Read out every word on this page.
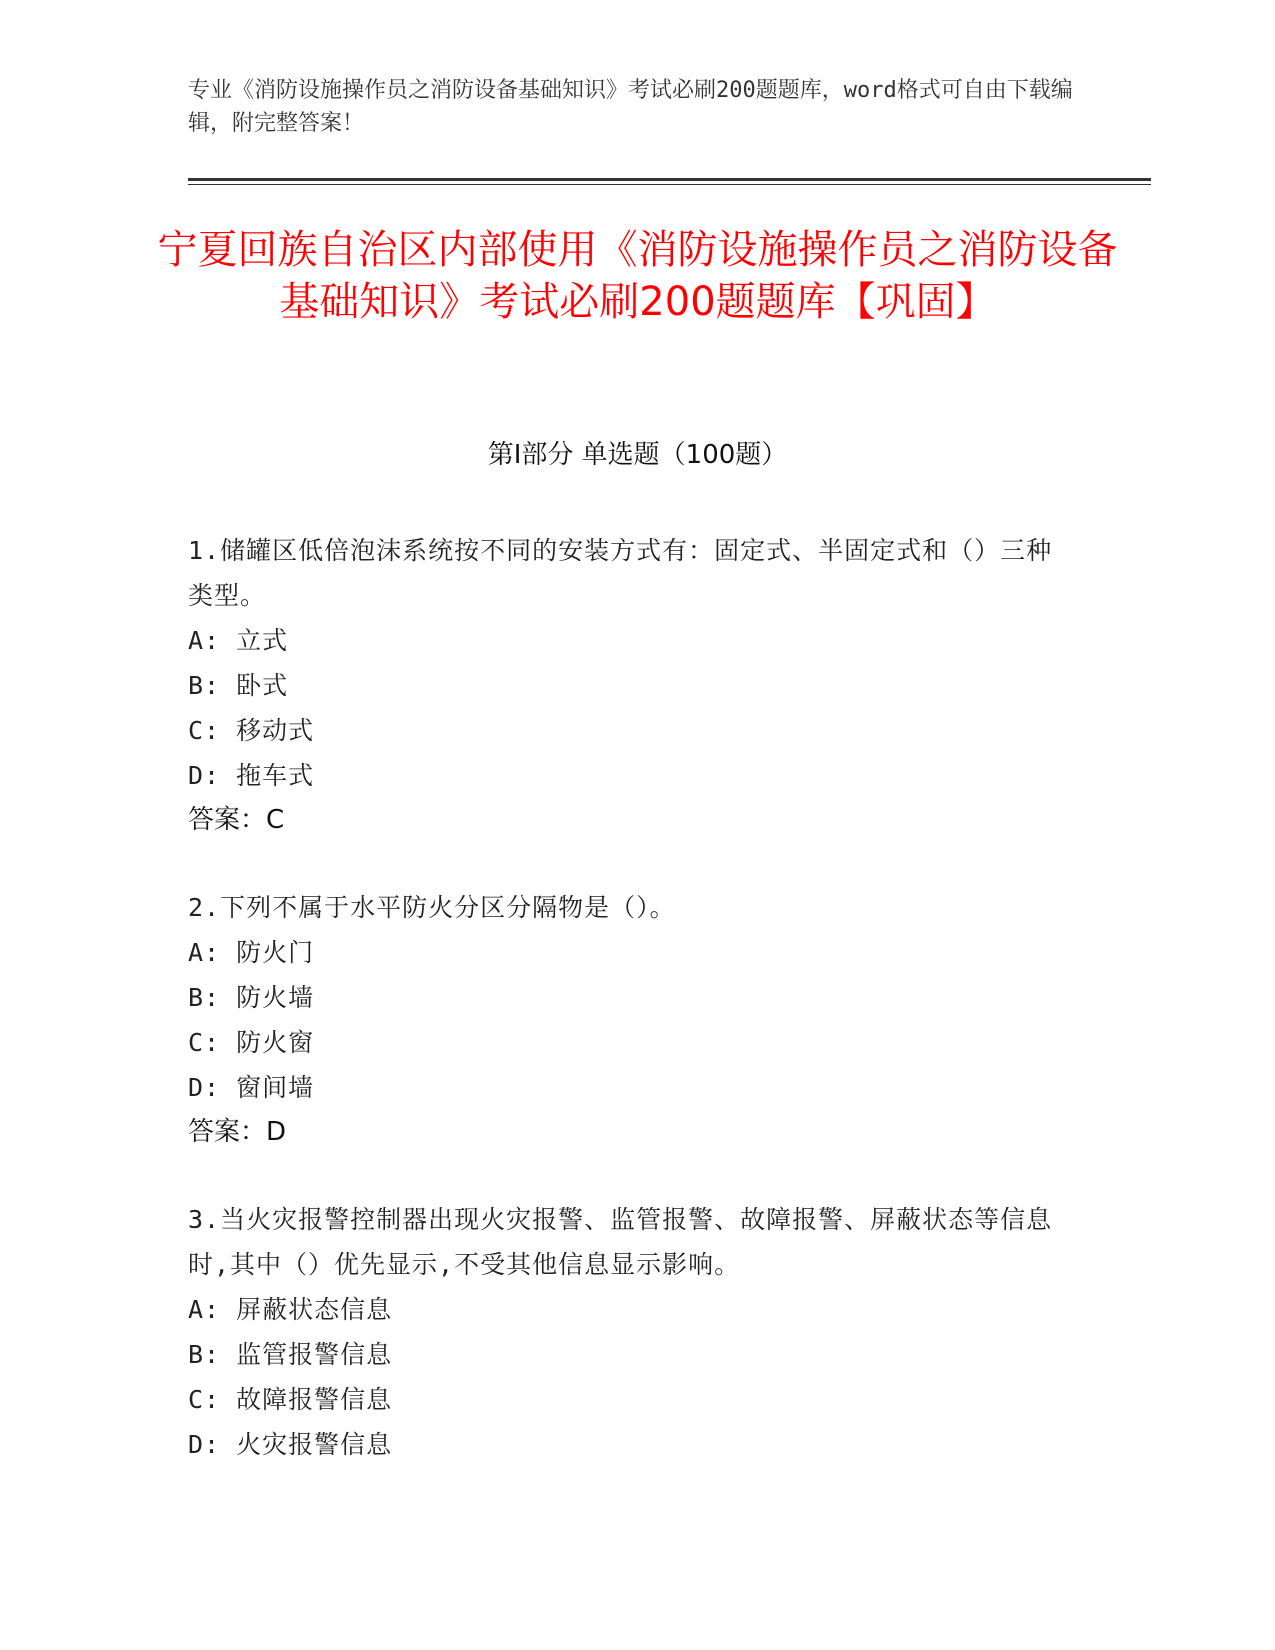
专业《消防设施操作员之消防设备基础知识》考试必刷200题题库，word格式可自由下载编辑，附完整答案！
宁夏回族自治区内部使用《消防设施操作员之消防设备基础知识》考试必刷200题题库【巩固】
第Ⅰ部分 单选题（100题）
1.储罐区低倍泡沫系统按不同的安装方式有：固定式、半固定式和（）三种类型。
A: 立式
B: 卧式
C: 移动式
D: 拖车式
答案：C
2.下列不属于水平防火分区分隔物是（）。
A: 防火门
B: 防火墙
C: 防火窗
D: 窗间墙
答案：D
3.当火灾报警控制器出现火灾报警、监管报警、故障报警、屏蔽状态等信息时,其中（）优先显示,不受其他信息显示影响。
A: 屏蔽状态信息
B: 监管报警信息
C: 故障报警信息
D: 火灾报警信息
